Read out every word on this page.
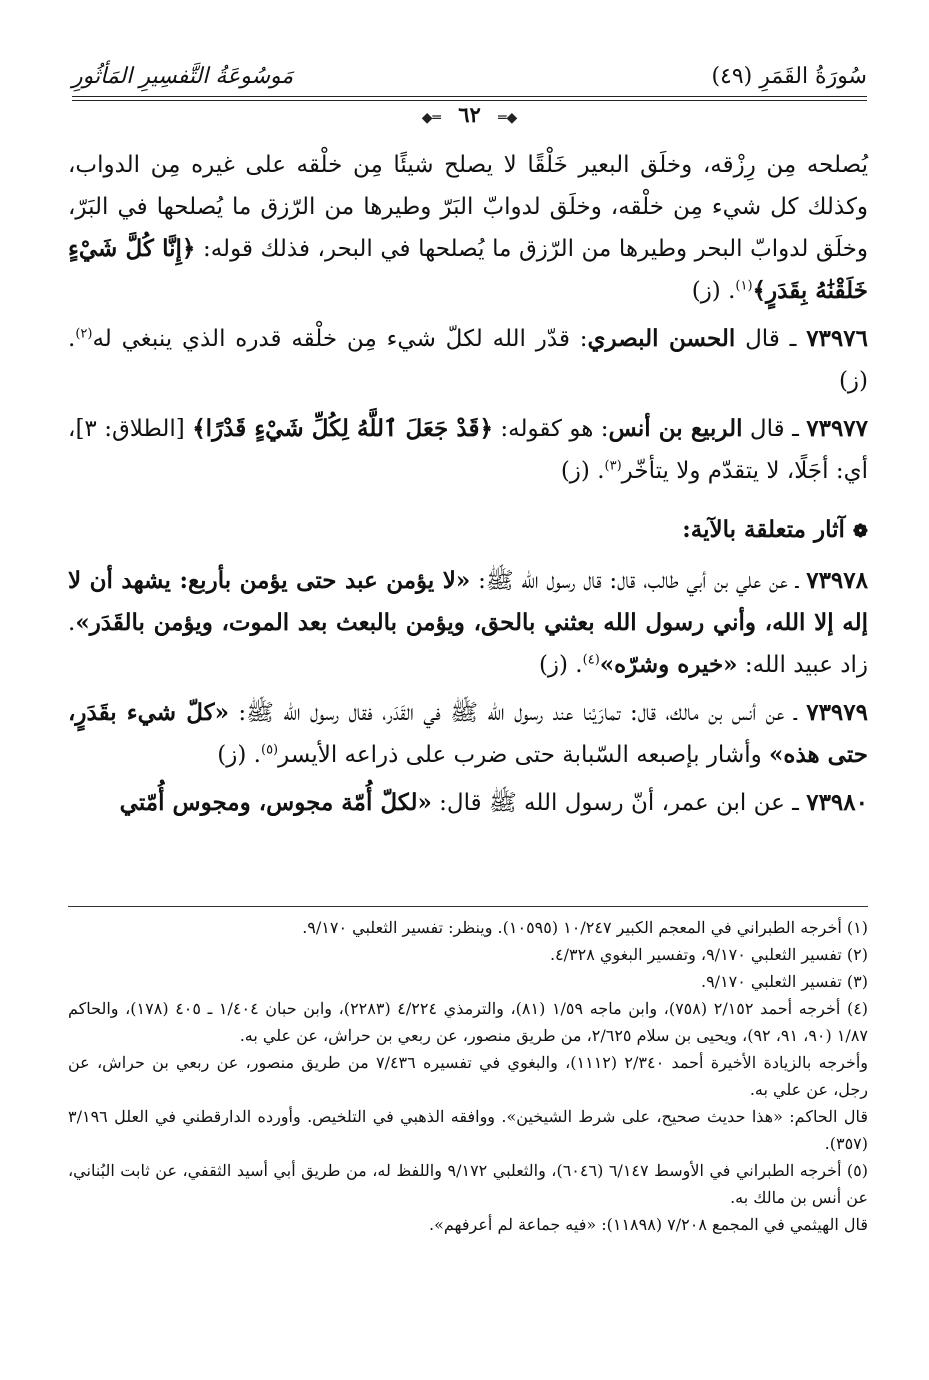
سُورَةُ القَمَرِ (٤٩)
مَوسُوعَةُ التَّفسِيرِ المَأثُورِ
◆═ ٦٢ ═◆

يُصلحه مِن رِزْقه، وخلَق البعير خَلْقًا لا يصلح شيئًا مِن خلْقه على غيره مِن الدواب، وكذلك كل شيء مِن خلْقه، وخلَق لدوابّ البَرّ وطيرها من الرّزق ما يُصلحها في البَرّ، وخلَق لدوابّ البحر وطيرها من الرّزق ما يُصلحها في البحر، فذلك قوله: ﴿إِنَّا كُلَّ شَيْءٍ خَلَقْنَٰهُ بِقَدَرٍ﴾$^{(١)}$. (ز)

٧٣٩٧٦ ـ قال الحسن البصري: قدّر الله لكلّ شيء مِن خلْقه قدره الذي ينبغي له$^{(٢)}$. (ز)

٧٣٩٧٧ ـ قال الربيع بن أنس: هو كقوله: ﴿قَدْ جَعَلَ ٱللَّهُ لِكُلِّ شَيْءٍ قَدْرًا﴾ [الطلاق: ٣]، أي: أجَلًا، لا يتقدّم ولا يتأخّر$^{(٣)}$. (ز)

❁ آثار متعلقة بالآية:

٧٣٩٧٨ ـ عن علي بن أبي طالب، قال: قال رسول الله ﷺ: «لا يؤمن عبد حتى يؤمن بأربع: يشهد أن لا إله إلا الله، وأني رسول الله بعثني بالحق، ويؤمن بالبعث بعد الموت، ويؤمن بالقَدَر». زاد عبيد الله: «خيره وشرّه»$^{(٤)}$. (ز)

٧٣٩٧٩ ـ عن أنس بن مالك، قال: تمارَيْنا عند رسول الله ﷺ في القَدَر، فقال رسول الله ﷺ: «كلّ شيء بقَدَرٍ، حتى هذه» وأشار بإصبعه السّبابة حتى ضرب على ذراعه الأيسر$^{(٥)}$. (ز)

٧٣٩٨٠ ـ عن ابن عمر، أنّ رسول الله ﷺ قال: «لكلّ أُمّة مجوس، ومجوس أُمّتي

(١) أخرجه الطبراني في المعجم الكبير ١٠/٢٤٧ (١٠٥٩٥). وينظر: تفسير الثعلبي ٩/١٧٠.

(٢) تفسير الثعلبي ٩/١٧٠، وتفسير البغوي ٤/٣٢٨.

(٣) تفسير الثعلبي ٩/١٧٠.

(٤) أخرجه أحمد ٢/١٥٢ (٧٥٨)، وابن ماجه ١/٥٩ (٨١)، والترمذي ٤/٢٢٤ (٢٢٨٣)، وابن حبان ١/٤٠٤ ـ ٤٠٥ (١٧٨)، والحاكم ١/٨٧ (٩٠، ٩١، ٩٢)، ويحيى بن سلام ٢/٦٢٥، من طريق منصور، عن ربعي بن حراش، عن علي به.

وأخرجه بالزيادة الأخيرة أحمد ٢/٣٤٠ (١١١٢)، والبغوي في تفسيره ٧/٤٣٦ من طريق منصور، عن ربعي بن حراش، عن رجل، عن علي به.

قال الحاكم: «هذا حديث صحيح، على شرط الشيخين». ووافقه الذهبي في التلخيص. وأورده الدارقطني في العلل ٣/١٩٦ (٣٥٧).

(٥) أخرجه الطبراني في الأوسط ٦/١٤٧ (٦٠٤٦)، والثعلبي ٩/١٧٢ واللفظ له، من طريق أبي أسيد الثقفي، عن ثابت البُناني، عن أنس بن مالك به.

قال الهيثمي في المجمع ٧/٢٠٨ (١١٨٩٨): «فيه جماعة لم أعرفهم».
